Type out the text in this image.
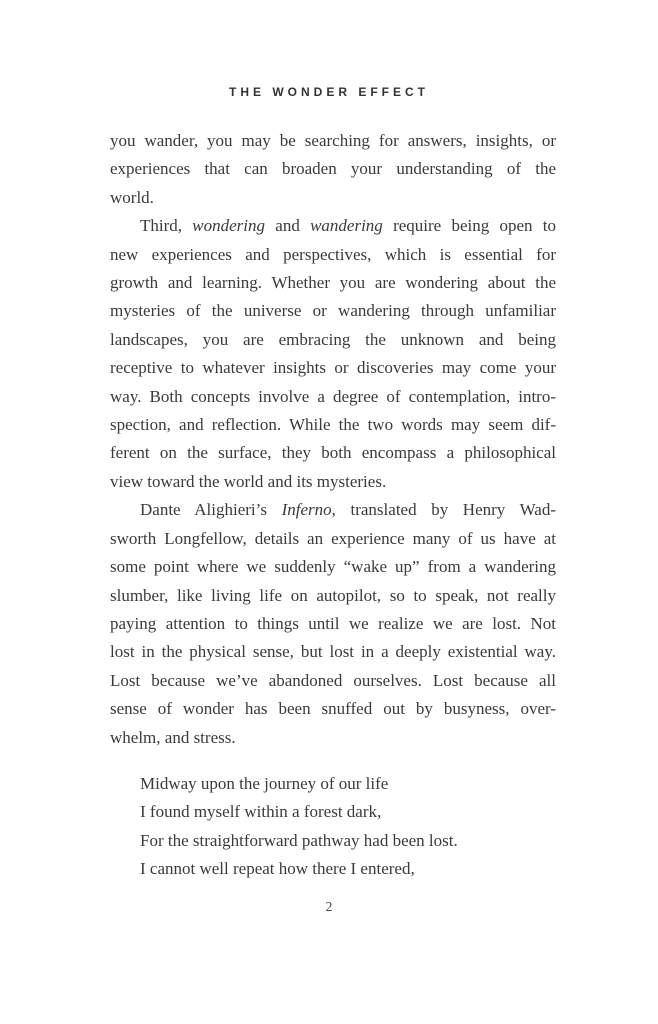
THE WONDER EFFECT
you wander, you may be searching for answers, insights, or
experiences that can broaden your understanding of the
world.
Third, wondering and wandering require being open to
new experiences and perspectives, which is essential for
growth and learning. Whether you are wondering about the
mysteries of the universe or wandering through unfamiliar
landscapes, you are embracing the unknown and being
receptive to whatever insights or discoveries may come your
way. Both concepts involve a degree of contemplation, intro-
spection, and reflection. While the two words may seem dif-
ferent on the surface, they both encompass a philosophical
view toward the world and its mysteries.
Dante Alighieri’s Inferno, translated by Henry Wad-
sworth Longfellow, details an experience many of us have at
some point where we suddenly “wake up” from a wandering
slumber, like living life on autopilot, so to speak, not really
paying attention to things until we realize we are lost. Not
lost in the physical sense, but lost in a deeply existential way.
Lost because we’ve abandoned ourselves. Lost because all
sense of wonder has been snuffed out by busyness, over-
whelm, and stress.
Midway upon the journey of our life
I found myself within a forest dark,
For the straightforward pathway had been lost.
I cannot well repeat how there I entered,
2
